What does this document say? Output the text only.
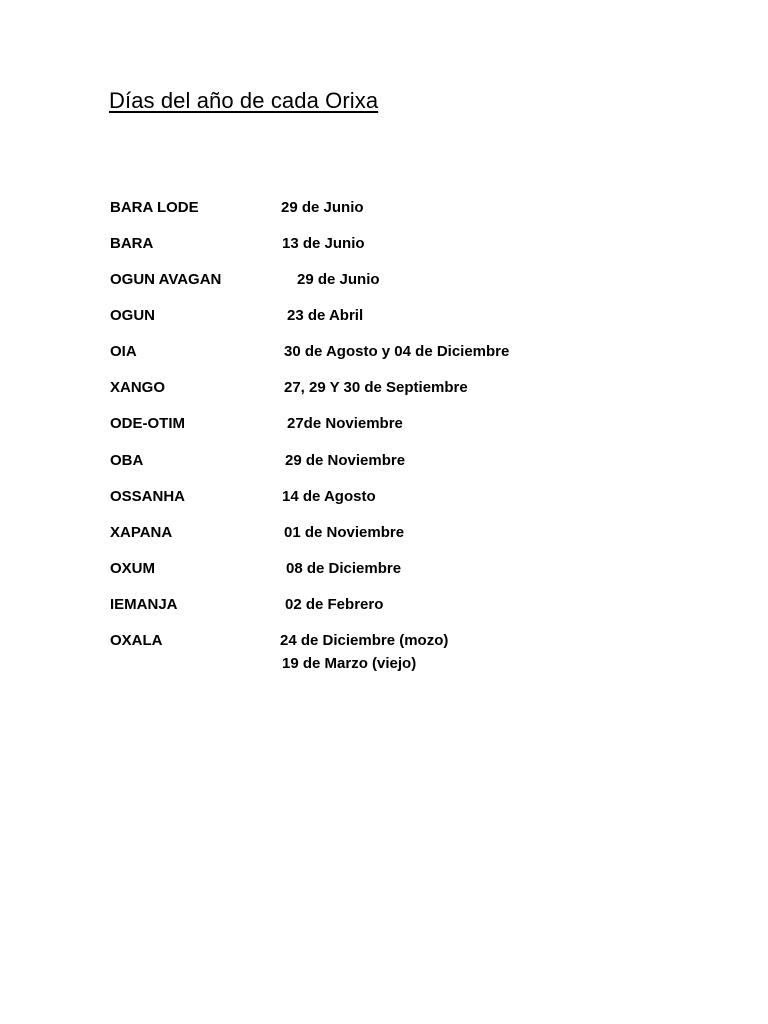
Días del año de cada Orixa
BARA LODE	29 de Junio
BARA	13 de Junio
OGUN AVAGAN	29 de Junio
OGUN	23 de Abril
OIA	30 de Agosto y 04 de Diciembre
XANGO	27, 29 Y 30 de Septiembre
ODE-OTIM	27de Noviembre
OBA	29 de Noviembre
OSSANHA	14 de Agosto
XAPANA	01 de Noviembre
OXUM	08 de Diciembre
IEMANJA	02 de Febrero
OXALA	24 de Diciembre (mozo)
19 de Marzo (viejo)
